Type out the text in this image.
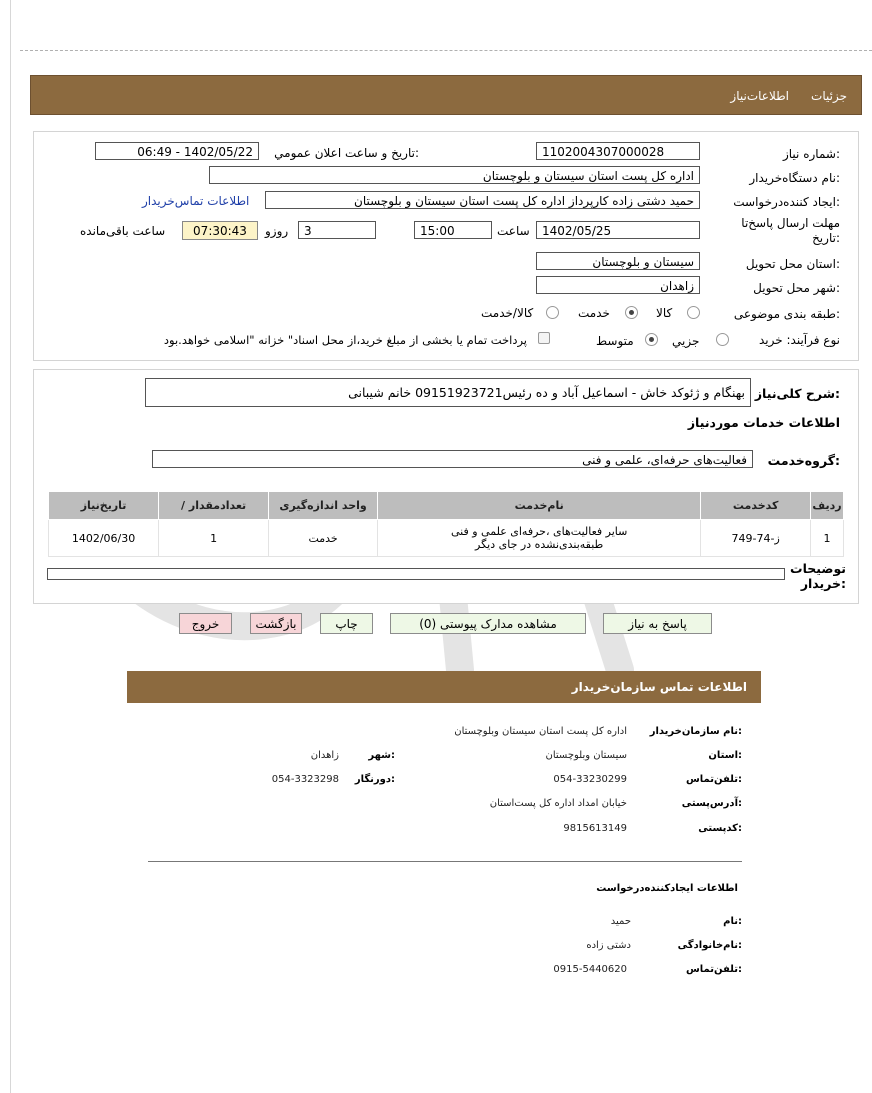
جزئیات
اطلاعات‌نیاز
شماره نیاز:
1102004307000028
تاریخ و ساعت اعلان عمومي:
1402/05/22 - 06:49
نام دستگاه‌خریدار:
اداره کل پست استان سیستان و بلوچستان
ایجاد کننده‌درخواست:
حمید دشتی زاده کارپرداز اداره کل پست استان سیستان و بلوچستان
اطلاعات تماس‌خریدار
مهلت ارسال پاسخ‌تا تاریخ:
1402/05/25
ساعت
15:00
3
روزو
07:30:43
ساعت باقی‌مانده
استان محل تحویل:
سیستان و بلوچستان
شهر محل تحویل:
زاهدان
طبقه بندی موضوعی:
کالا
خدمت
کالا/خدمت
نوع فرآیند: خرید
جزیي
متوسط
پرداخت تمام یا بخشی از مبلغ خرید،از محل اسناد" خزانه "اسلامی خواهد.بود
شرح کلی‌نیاز:
بهنگام و ژئوکد خاش - اسماعیل آباد و ده رئیس09151923721 خانم شیبانی
اطلاعات خدمات موردنیاز
گروه‌خدمت:
فعالیت‌های حرفه‌ای، علمی و فنی
ردیف	کدخدمت	نام‌خدمت	واحد اندازه‌گیری	تعداد‌مقدار /	تاریخ‌نیاز
1	ز-74-749	سایر فعالیت‌های ،حرفه‌ای علمی و فنی طبقه‌بندی‌نشده در جای دیگر	خدمت	1	1402/06/30
توضیحات خریدار:
پاسخ به نیاز
مشاهده مدارک پیوستی (0)
چاپ
بازگشت
خروج
اطلاعات تماس سازمان‌خریدار
نام سازمان‌خریدار:
اداره کل پست استان سیستان وبلوچستان
استان:
سیستان وبلوچستان
شهر:
زاهدان
تلفن‌تماس:
054-33230299
دورنگار:
054-3323298
آدرس‌پستی:
خیابان امداد اداره کل پست‌استان
کد‌پستی:
9815613149
اطلاعات ایجادکننده‌درخواست
نام:
حمید
نام‌خانوادگی:
دشتی زاده
تلفن‌تماس:
0915-5440620
